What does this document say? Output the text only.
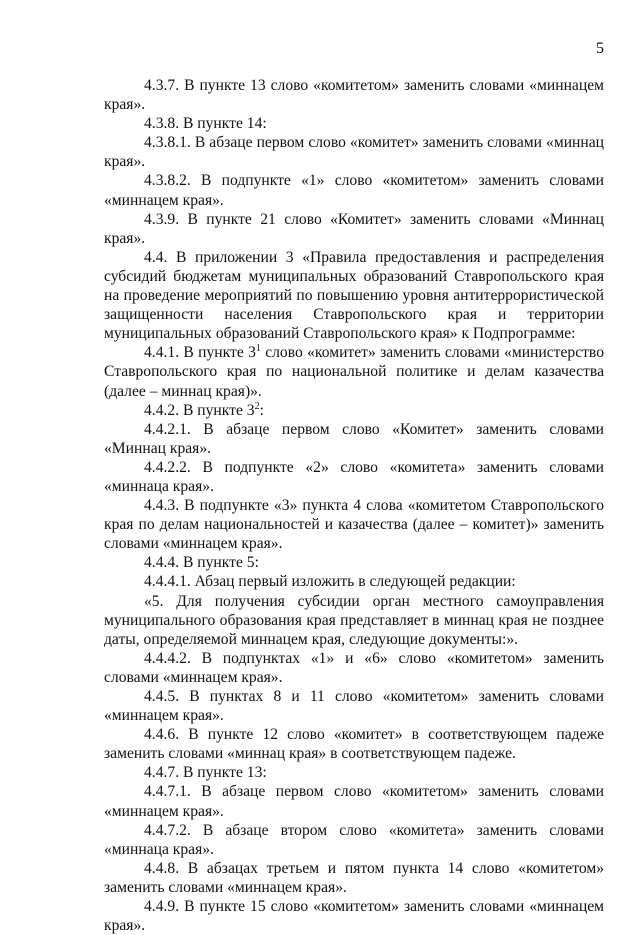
5

4.3.7. В пункте 13 слово «комитетом» заменить словами «миннацем края».

4.3.8. В пункте 14:

4.3.8.1. В абзаце первом слово «комитет» заменить словами «миннац края».

4.3.8.2. В подпункте «1» слово «комитетом» заменить словами «миннацем края».

4.3.9. В пункте 21 слово «Комитет» заменить словами «Миннац края».

4.4. В приложении 3 «Правила предоставления и распределения субсидий бюджетам муниципальных образований Ставропольского края на проведение мероприятий по повышению уровня антитеррористической защищенности населения Ставропольского края и территории муниципальных образований Ставропольского края» к Подпрограмме:

4.4.1. В пункте $3^1$ слово «комитет» заменить словами «министерство Ставропольского края по национальной политике и делам казачества (далее – миннац края)».

4.4.2. В пункте $3^2$:

4.4.2.1. В абзаце первом слово «Комитет» заменить словами «Миннац края».

4.4.2.2. В подпункте «2» слово «комитета» заменить словами «миннаца края».

4.4.3. В подпункте «3» пункта 4 слова «комитетом Ставропольского края по делам национальностей и казачества (далее – комитет)» заменить словами «миннацем края».

4.4.4. В пункте 5:

4.4.4.1. Абзац первый изложить в следующей редакции:

«5. Для получения субсидии орган местного самоуправления муниципального образования края представляет в миннац края не позднее даты, определяемой миннацем края, следующие документы:».

4.4.4.2. В подпунктах «1» и «6» слово «комитетом» заменить словами «миннацем края».

4.4.5. В пунктах 8 и 11 слово «комитетом» заменить словами «миннацем края».

4.4.6. В пункте 12 слово «комитет» в соответствующем падеже заменить словами «миннац края» в соответствующем падеже.

4.4.7. В пункте 13:

4.4.7.1. В абзаце первом слово «комитетом» заменить словами «миннацем края».

4.4.7.2. В абзаце втором слово «комитета» заменить словами «миннаца края».

4.4.8. В абзацах третьем и пятом пункта 14 слово «комитетом» заменить словами «миннацем края».

4.4.9. В пункте 15 слово «комитетом» заменить словами «миннацем края».
